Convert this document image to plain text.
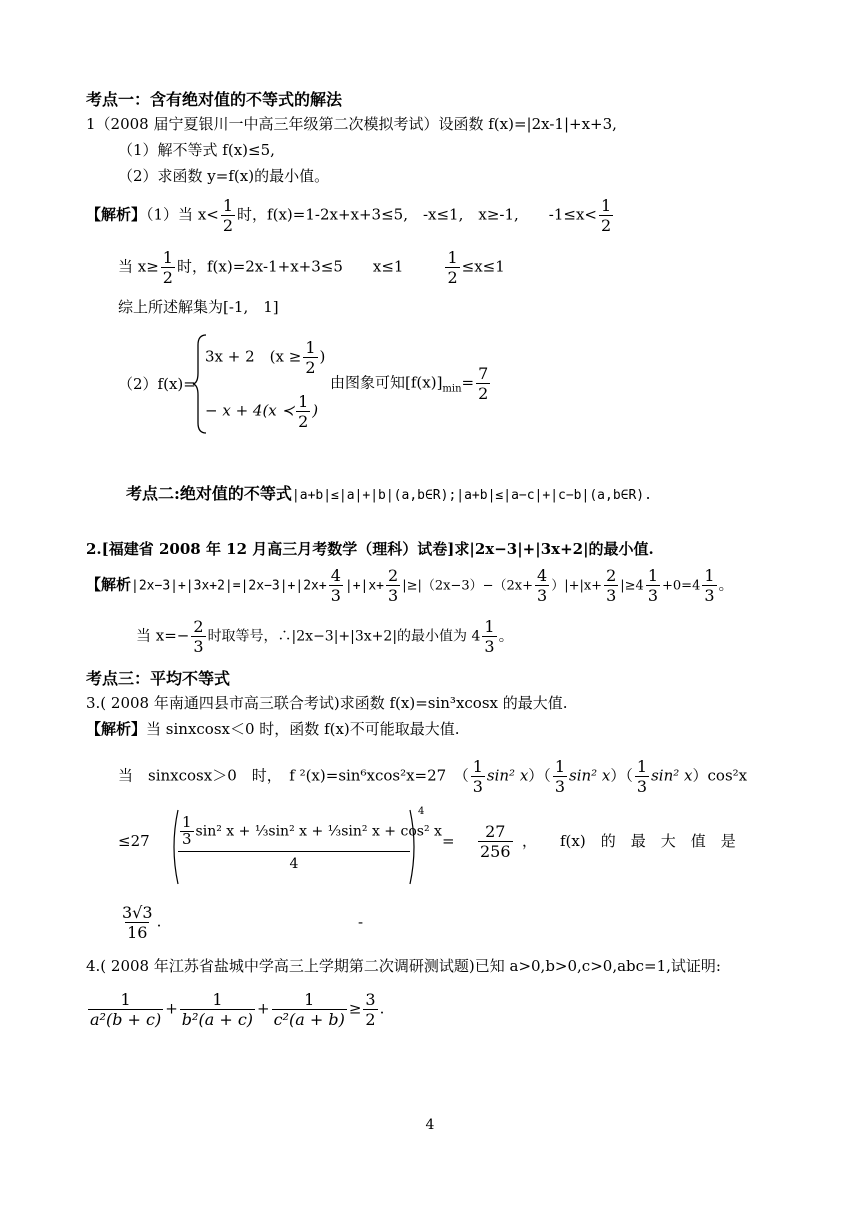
考点一：含有绝对值的不等式的解法
1（2008 届宁夏银川一中高三年级第二次模拟考试）设函数 f(x)=|2x-1|+x+3,
（1）解不等式 f(x)≤5,
（2）求函数 y=f(x)的最小值。
【解析】（1）当 $x< \frac{1}{2}$ 时，f(x)=1-2x+x+3≤5,　-x≤1,　x≥-1,　　$-1\le x< \frac{1}{2}$
当 $x\ge \frac{1}{2}$ 时，f(x)=2x-1+x+3≤5　　x≤1	$\frac{1}{2} \le x\le 1$
综上所述解集为[-1,　1]
（2）f(x)=
3x + 2　($x \ge \frac{1}{2}$ )
− x + 4(x ≺ $\frac{1}{2}$ )
由图象可知$[f(x)]_{min}= \frac{7}{2}$
考点二:绝对值的不等式|a+b|≤|a|+|b|(a,b∈R);|a+b|≤|a−c|+|c−b|(a,b∈R).
2.[福建省 2008 年 12 月高三月考数学（理科）试卷]求|2x−3|+|3x+2|的最小值.
【解析$|2x-3|+|3x+2|=|2x-3|+|2x+ \frac{4}{3} |+|x+ \frac{2}{3} |\ge|(2x-3)-(2x+ \frac{4}{3} )|+|x+ \frac{2}{3} |\ge 4 \frac{1}{3} +0=4 \frac{1}{3}$ 。
当 $x=- \frac{2}{3}$ 时取等号，∴|2x−3|+|3x+2|的最小值为 $4 \frac{1}{3}$ 。
考点三：平均不等式
3.( 2008 年南通四县市高三联合考试)求函数 f(x)=sin³xcosx 的最大值.
【解析】当 sinxcosx＜0 时，函数 f(x)不可能取最大值.
当　sinxcosx＞0　时，　f ²(x)=sin⁶xcos²x=27　（ $\frac{1}{3} \sin^2$ $x)( \frac{1}{3} \sin^2$ $x)( \frac{1}{3} \sin^2$ x）cos²x
$\le 27 \frac{\frac{1}{3} \sin^2 x + \frac{1}{3}\sin^2 x + \frac{1}{3}\sin^2 x + \cos^2 x}{4}$
4
= $\frac{27}{256}$ ， f(x)　的　最　大　值　是
$\frac{3√3}{16}$ .	-
4.( 2008 年江苏省盐城中学高三上学期第二次调研测试题)已知 a>0,b>0,c>0,abc=1,试证明:
$\frac{1}{\text{a²(b + c)}} + \frac{1}{\text{b²(a + c)}} + \frac{1}{\text{c²(a + b)}} \ge \frac{3}{2}$ .
4
